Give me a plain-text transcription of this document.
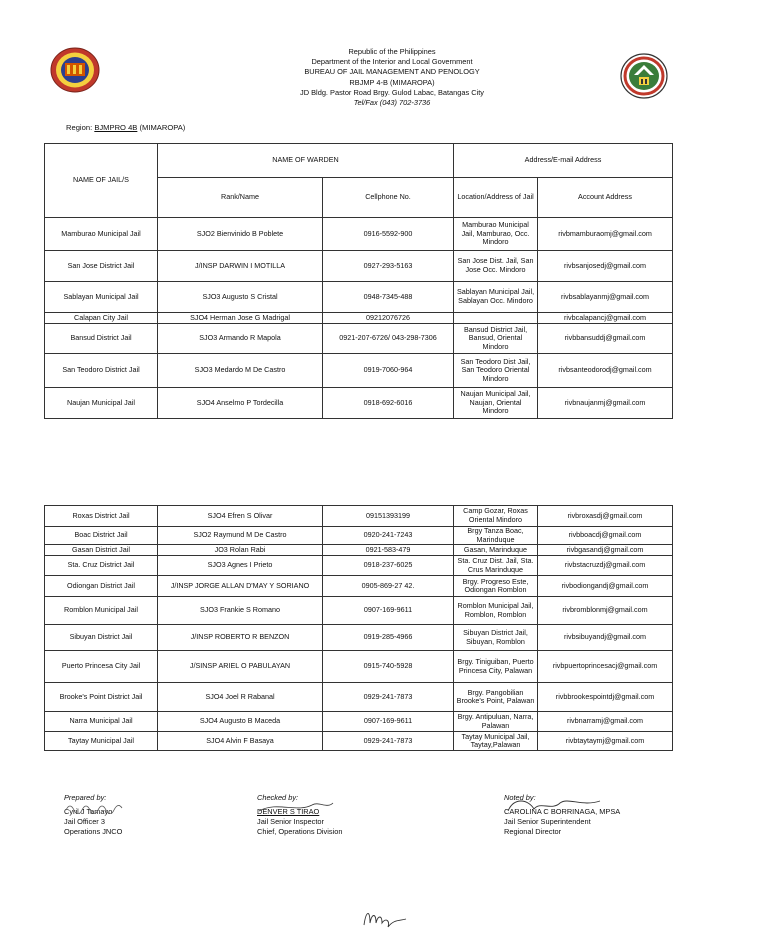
Republic of the Philippines
Department of the Interior and Local Government
BUREAU OF JAIL MANAGEMENT AND PENOLOGY
RBJMP 4-B (MIMAROPA)
JD Bldg. Pastor Road Brgy. Gulod Labac, Batangas City
Tel/Fax (043) 702-3736
Region: BJMPRO 4B (MIMAROPA)
NAME OF JAIL/S	NAME OF WARDEN		Address/E-mail Address	
	Rank/Name	Cellphone No.	Location/Address of Jail	Account Address
Mamburao Municipal Jail	SJO2 Bienvinido B Poblete	0916-5592-900	Mamburao Municipal Jail, Mamburao, Occ. Mindoro	rivbmamburaomj@gmail.com
San Jose District Jail	J/INSP DARWIN I MOTILLA	0927-293-5163	San Jose Dist. Jail, San Jose Occ. Mindoro	rivbsanjosedj@gmail.com
Sablayan Municipal Jail	SJO3 Augusto S Cristal	0948-7345-488	Sablayan Municipal Jail, Sablayan Occ. Mindoro	rivbsablayanmj@gmail.com
Calapan City Jail	SJO4 Herman Jose G Madrigal	09212076726		rivbcalapancj@gmail.com
Bansud District Jail	SJO3 Armando R Mapola	0921-207-6726/ 043-298-7306	Bansud District Jail, Bansud, Oriental Mindoro	rivbbansuddj@gmail.com
San Teodoro District Jail	SJO3 Medardo M De Castro	0919-7060-964	San Teodoro Dist Jail, San Teodoro Oriental Mindoro	rivbsanteodorodj@gmail.com
Naujan Municipal Jail	SJO4 Anselmo P Tordecilla	0918-692-6016	Naujan Municipal Jail, Naujan, Oriental Mindoro	rivbnaujanmj@gmail.com
Roxas District Jail	SJO4 Efren S Olivar	09151393199	Camp Gozar, Roxas Oriental Mindoro	rivbroxasdj@gmail.com
Boac District Jail	SJO2 Raymund M De Castro	0920-241-7243	Brgy Tanza Boac, Marinduque	rivbboacdj@gmail.com
Gasan District Jail	JO3 Rolan Rabi	0921-583-479	Gasan, Marinduque	rivbgasandj@gmail.com
Sta. Cruz District Jail	SJO3 Agnes I Prieto	0918-237-6025	Sta. Cruz Dist. Jail, Sta. Crus Marinduque	rivbstacruzdj@gmail.com
Odiongan District Jail	J/INSP JORGE ALLAN D'MAY Y SORIANO	0905-869-27 42.	Brgy. Progreso Este, Odiongan Romblon	rivbodiongandj@gmail.com
Romblon Municipal Jail	SJO3 Frankie S Romano	0907-169-9611	Romblon Municipal Jail, Romblon, Romblon	rivbromblonmj@gmail.com
Sibuyan District Jail	J/INSP ROBERTO R BENZON	0919-285-4966	Sibuyan District Jail, Sibuyan, Romblon	rivbsibuyandj@gmail.com
Puerto Princesa City Jail	J/SINSP ARIEL O PABULAYAN	0915-740-5928	Brgy. Tiniguiban, Puerto Princesa City, Palawan	rivbpuertoprincesacj@gmail.com
Brooke's Point District Jail	SJO4 Joel R Rabanal	0929-241-7873	Brgy. Pangobilian Brooke's Point, Palawan	rivbbrookespointdj@gmail.com
Narra Municipal Jail	SJO4 Augusto B Maceda	0907-169-9611	Brgy. Antipuluan, Narra, Palawan	rivbnarramj@gmail.com
Taytay Municipal Jail	SJO4 Alvin F Basaya	0929-241-7873	Taytay Municipal Jail, Taytay,Palawan	rivbtaytaymj@gmail.com
Prepared by:
Cyril J Tamayo
Jail Officer 3
Operations JNCO
Checked by:
DENVER S TIRAO
Jail Senior Inspector
Chief, Operations Division
Noted by:
CAROLINA C BORRINAGA, MPSA
Jail Senior Superintendent
Regional Director
